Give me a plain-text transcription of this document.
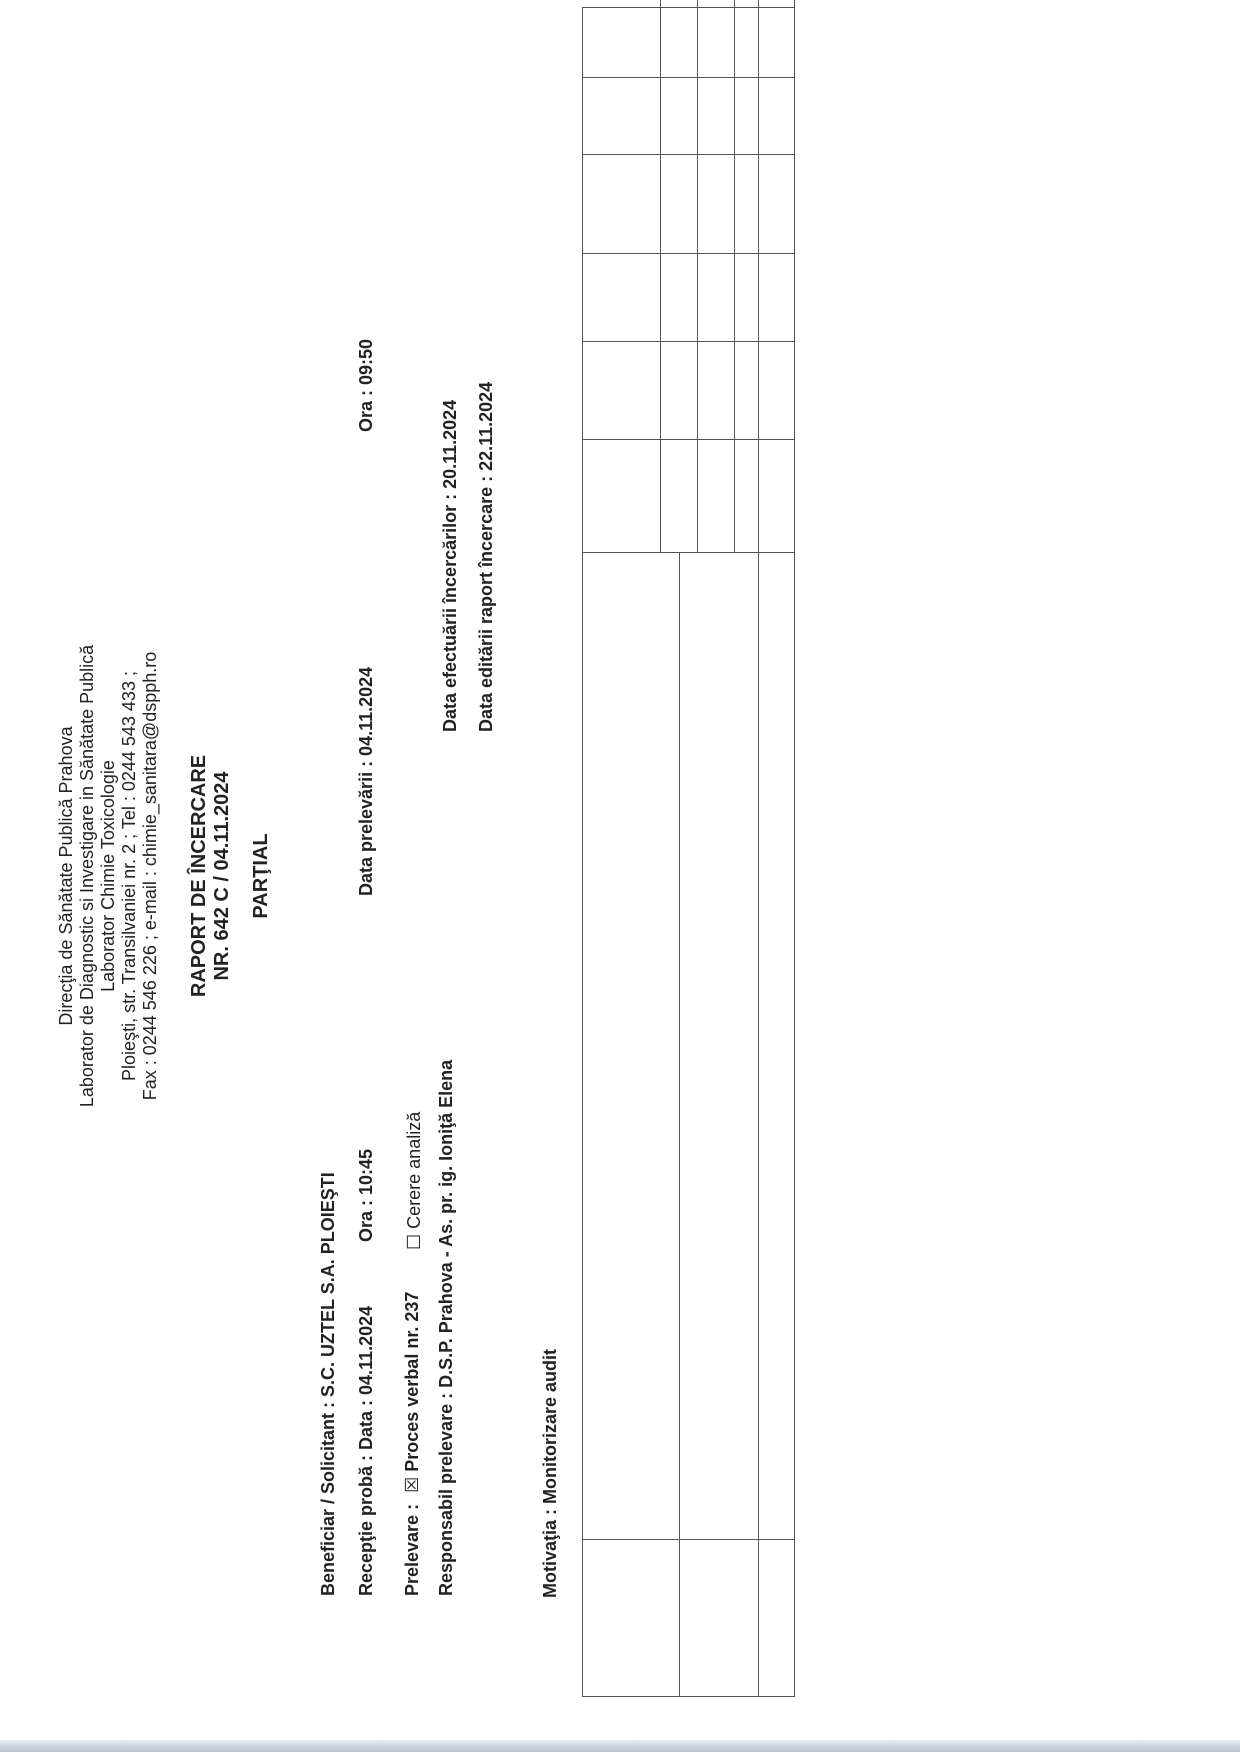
Direcţia de Sănătate Publică Prahova Laborator de Diagnostic si Investigare in Sănătate Publică Laborator Chimie Toxicologie Ploieşti, str. Transilvaniei nr. 2 ; Tel : 0244 543 433 ; Fax : 0244 546 226 ; e-mail : chimie_sanitara@dspph.ro RAPORT DE ÎNCERCARE NR. 642 C / 04.11.2024 PARŢIAL
Beneficiar / Solicitant : S.C. UZTEL S.A. PLOIEŞTI Recepţie probă : Data : 04.11.2024
Ora : 10:45
Data prelevării : 04.11.2024
Ora : 09:50
Prelevare : ☒ Proces verbal nr. 237
☐ Cerere analiză
Data efectuării încercărilor : 20.11.2024
Responsabil prelevare : D.S.P. Prahova - As. pr. ig. Ioniţă Elena
Data editării raport încercare : 22.11.2024
Motivaţia : Monitorizare audit
